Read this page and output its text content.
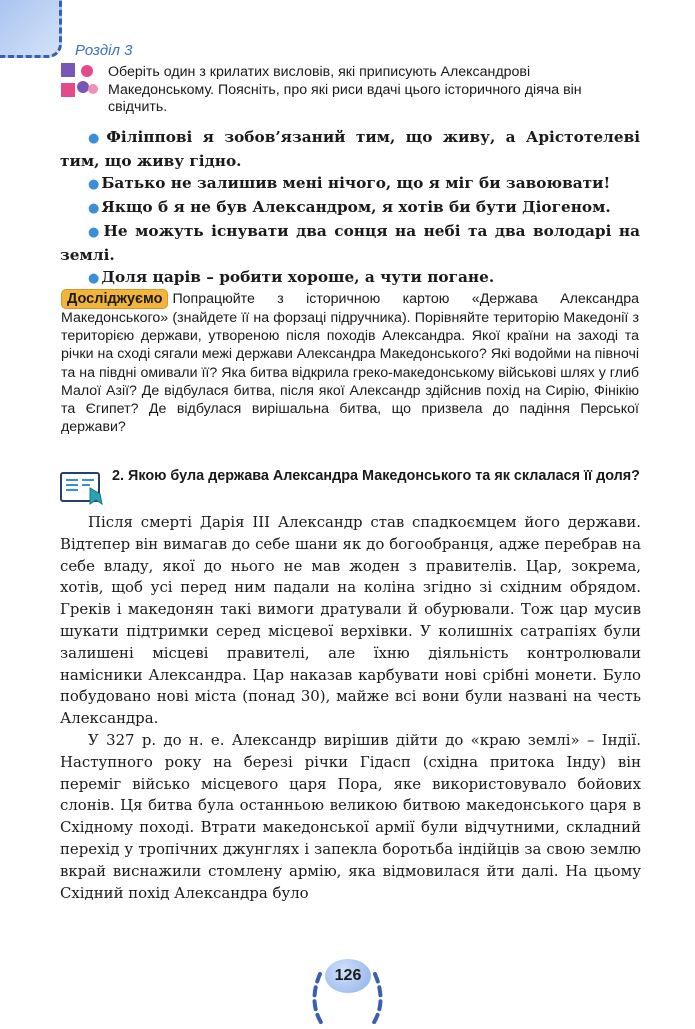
Розділ 3
Оберіть один з крилатих висловів, які приписують Александрові Македонському. Поясніть, про які риси вдачі цього історичного діяча він свідчить.

● Філіппові я зобов’язаний тим, що живу, а Арістотелеві тим, що живу гідно.

● Батько не залишив мені нічого, що я міг би завоювати!

● Якщо б я не був Александром, я хотів би бути Діогеном.

● Не можуть існувати два сонця на небі та два володарі на землі.

● Доля царів – робити хороше, а чути погане.

Досліджуємо Попрацюйте з історичною картою «Держава Александра Македонського» (знайдете її на форзаці підручника). Порівняйте територію Македонії з територією держави, утвореною після походів Александра. Якої країни на заході та річки на сході сягали межі держави Александра Македонського? Які водойми на півночі та на півдні омивали її? Яка битва відкрила греко-македонському військові шлях у глиб Малої Азії? Де відбулася битва, після якої Александр здійснив похід на Сирію, Фінікію та Єгипет? Де відбулася вирішальна битва, що призвела до падіння Перської держави?
2. Якою була держава Александра Македонського та як склалася її доля?

Після смерті Дарія III Александр став спадкоємцем його держави. Відтепер він вимагав до себе шани як до богообранця, адже перебрав на себе владу, якої до нього не мав жоден з правителів. Цар, зокрема, хотів, щоб усі перед ним падали на коліна згідно зі східним обрядом. Греків і македонян такі вимоги дратували й обурювали. Тож цар мусив шукати підтримки серед місцевої верхівки. У колишніх сатрапіях були залишені місцеві правителі, але їхню діяльність контролювали намісники Александра. Цар наказав карбувати нові срібні монети. Було побудовано нові міста (понад 30), майже всі вони були названі на честь Александра.

У 327 р. до н. е. Александр вирішив дійти до «краю землі» – Індії. Наступного року на березі річки Гідасп (східна притока Інду) він переміг військо місцевого царя Пора, яке використовувало бойових слонів. Ця битва була останньою великою битвою македонського царя в Східному поході. Втрати македонської армії були відчутними, складний перехід у тропічних джунглях і запекла боротьба індійців за свою землю вкрай виснажили стомлену армію, яка відмовилася йти далі. На цьому Східний похід Александра було

126
